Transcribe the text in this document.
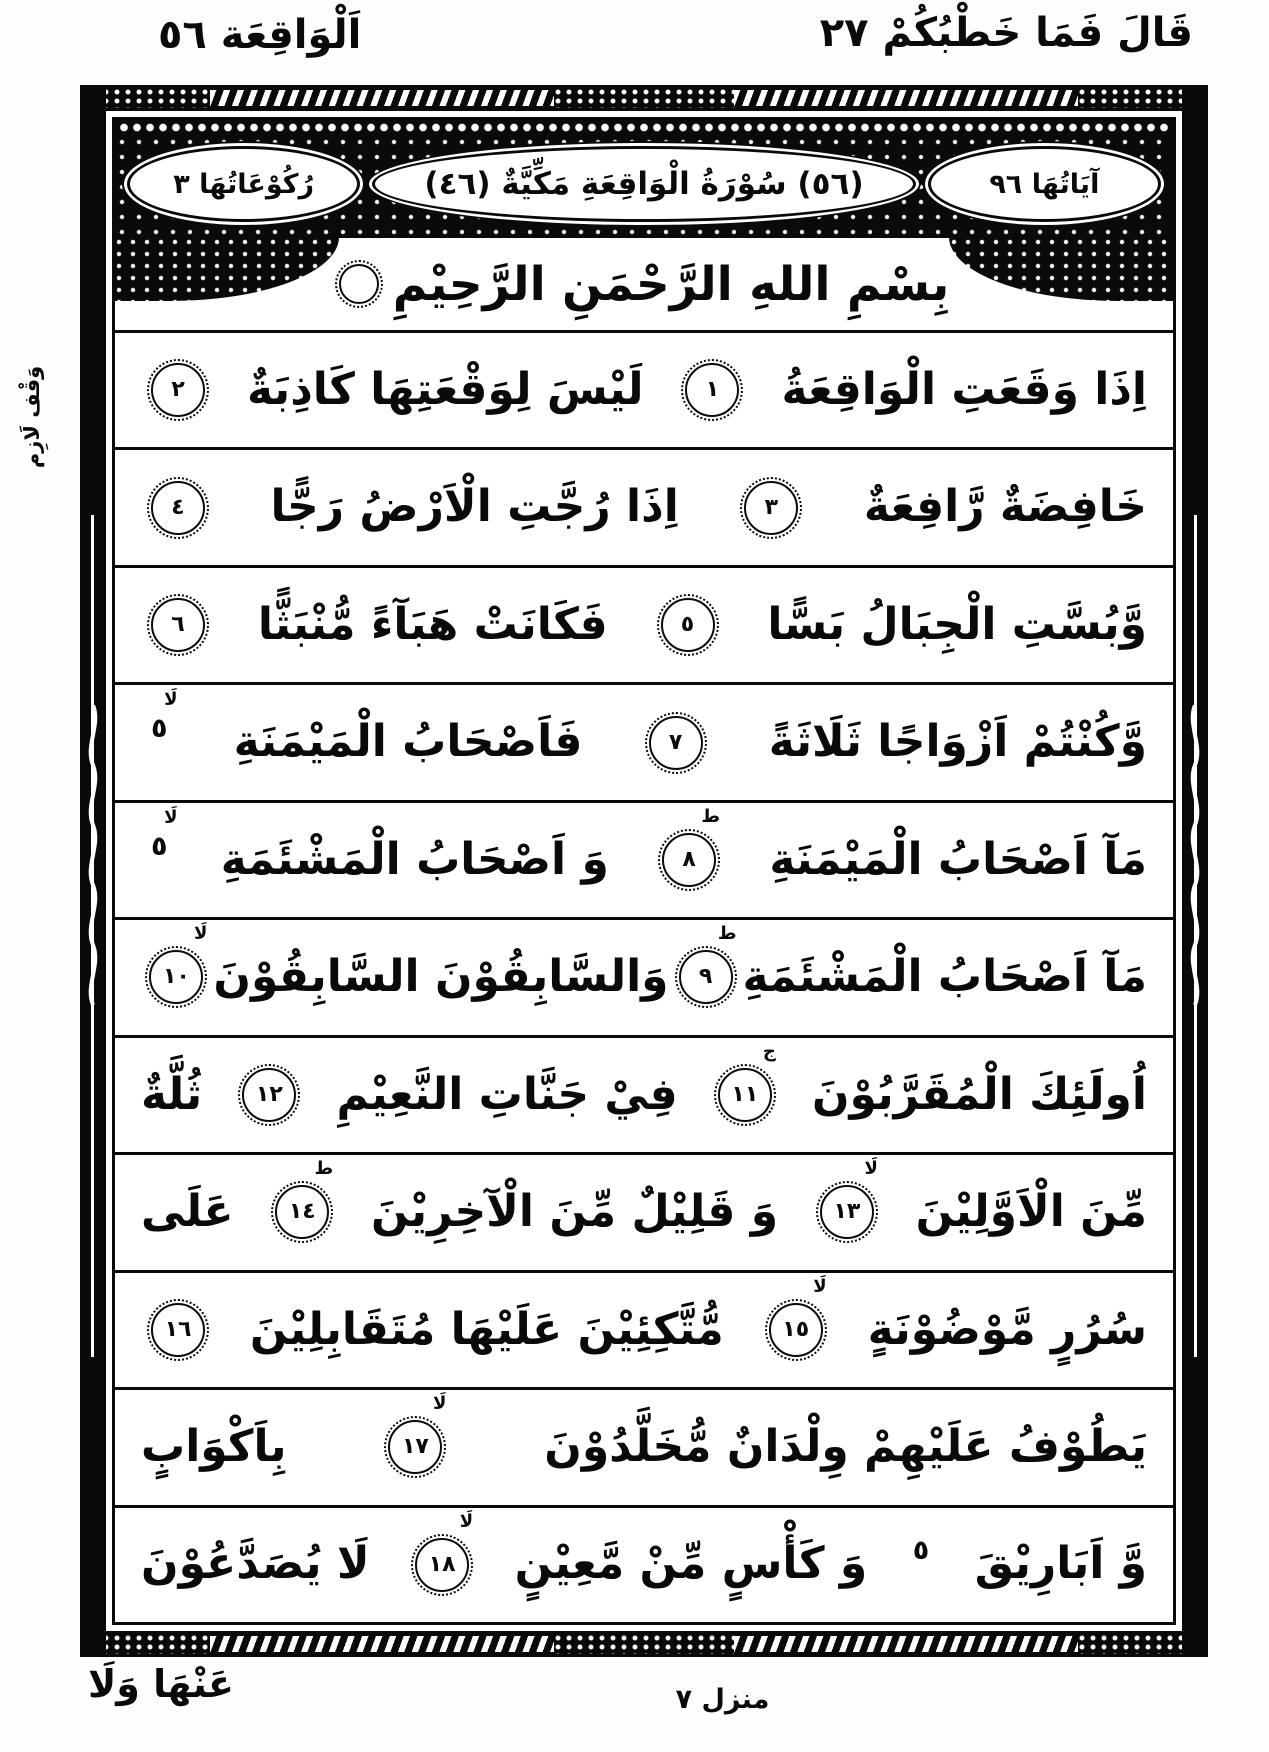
اَلْوَاقِعَة ٥٦	قَالَ فَمَا خَطْبُكُمْ ٢٧
آيَاتُهَا ٩٦
(٥٦) سُوْرَةُ الْوَاقِعَةِ مَكِّيَّةٌ (٤٦)
رُكُوْعَاتُهَا ٣
بِسْمِ اللهِ الرَّحْمَنِ الرَّحِيْمِ
اِذَا وَقَعَتِ الْوَاقِعَةُ
١
لَيْسَ لِوَقْعَتِهَا كَاذِبَةٌ
٢
خَافِضَةٌ رَّافِعَةٌ
٣
اِذَا رُجَّتِ الْاَرْضُ رَجًّا
٤
وَّبُسَّتِ الْجِبَالُ بَسًّا
٥
فَكَانَتْ هَبَآءً مُّنْبَثًّا
٦
وَّكُنْتُمْ اَزْوَاجًا ثَلَاثَةً
٧
فَاَصْحَابُ الْمَيْمَنَةِ
٥
لَا
مَآ اَصْحَابُ الْمَيْمَنَةِ
٨
ط
وَ اَصْحَابُ الْمَشْئَمَةِ
٥
لَا
مَآ اَصْحَابُ الْمَشْئَمَةِ
٩
ط
وَالسَّابِقُوْنَ السَّابِقُوْنَ
١٠
لَا
اُولَئِكَ الْمُقَرَّبُوْنَ
١١
ج
فِيْ جَنَّاتِ النَّعِيْمِ
١٢
ثُلَّةٌ
مِّنَ الْاَوَّلِيْنَ
١٣
لَا
وَ قَلِيْلٌ مِّنَ الْآخِرِيْنَ
١٤
ط
عَلَى
سُرُرٍ مَّوْضُوْنَةٍ
١٥
لَا
مُّتَّكِئِيْنَ عَلَيْهَا مُتَقَابِلِيْنَ
١٦
يَطُوْفُ عَلَيْهِمْ وِلْدَانٌ مُّخَلَّدُوْنَ
١٧
لَا
بِاَكْوَابٍ
وَّ اَبَارِيْقَ
٥
وَ كَأْسٍ مِّنْ مَّعِيْنٍ
١٨
لَا
لَا يُصَدَّعُوْنَ
وَقْف لَازِم
منزل ٧
عَنْهَا وَلَا
